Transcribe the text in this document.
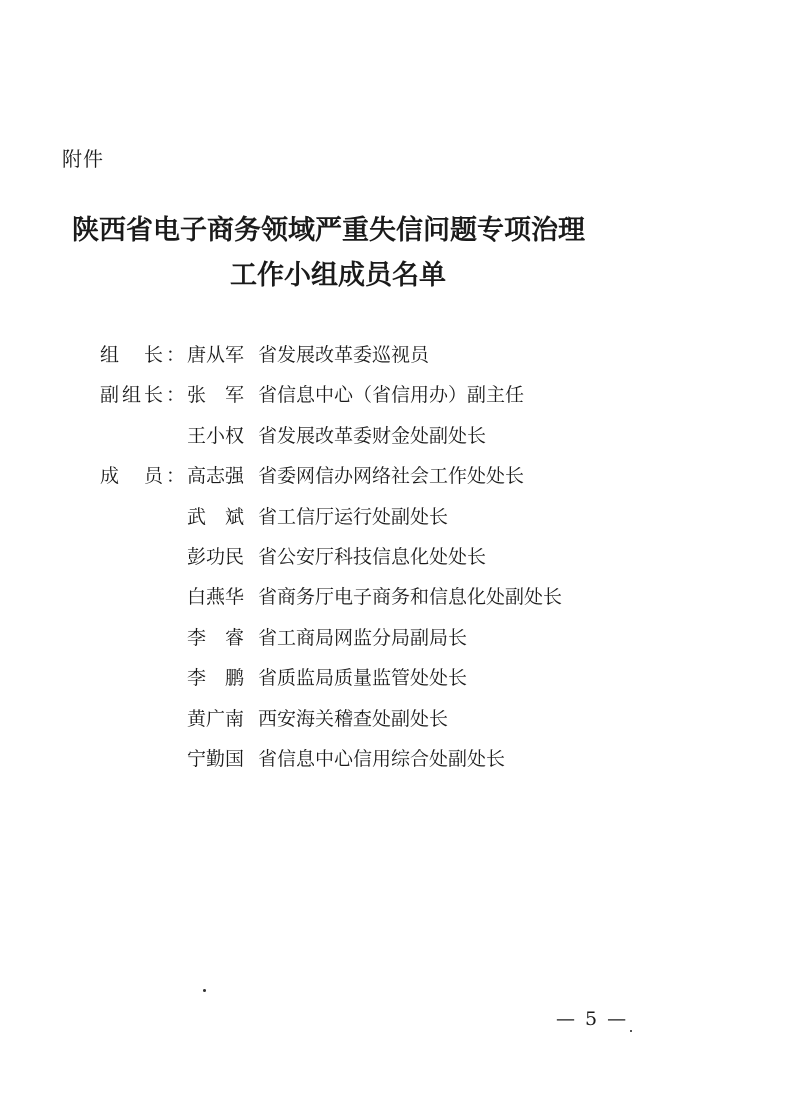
附件
陕西省电子商务领域严重失信问题专项治理
工作小组成员名单
组　长： 唐从军 省发展改革委巡视员
副组长： 张　军 省信息中心（省信用办）副主任
王小权 省发展改革委财金处副处长
成　员： 高志强 省委网信办网络社会工作处处长
武　斌 省工信厅运行处副处长
彭功民 省公安厅科技信息化处处长
白燕华 省商务厅电子商务和信息化处副处长
李　睿 省工商局网监分局副局长
李　鹏 省质监局质量监管处处长
黄广南 西安海关稽查处副处长
宁勤国 省信息中心信用综合处副处长
— 5 —
